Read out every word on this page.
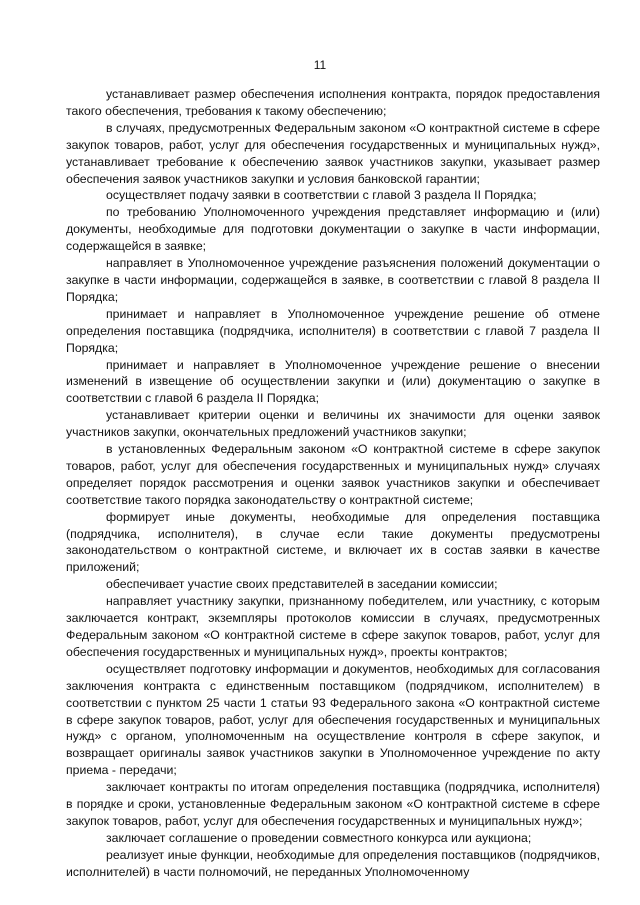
11

устанавливает размер обеспечения исполнения контракта, порядок предоставления такого обеспечения, требования к такому обеспечению;

в случаях, предусмотренных Федеральным законом «О контрактной системе в сфере закупок товаров, работ, услуг для обеспечения государственных и муниципальных нужд», устанавливает требование к обеспечению заявок участников закупки, указывает размер обеспечения заявок участников закупки и условия банковской гарантии;

осуществляет подачу заявки в соответствии с главой 3 раздела II Порядка;

по требованию Уполномоченного учреждения представляет информацию и (или) документы, необходимые для подготовки документации о закупке в части информации, содержащейся в заявке;

направляет в Уполномоченное учреждение разъяснения положений документации о закупке в части информации, содержащейся в заявке, в соответствии с главой 8 раздела II Порядка;

принимает и направляет в Уполномоченное учреждение решение об отмене определения поставщика (подрядчика, исполнителя) в соответствии с главой 7 раздела II Порядка;

принимает и направляет в Уполномоченное учреждение решение о внесении изменений в извещение об осуществлении закупки и (или) документацию о закупке в соответствии с главой 6 раздела II Порядка;

устанавливает критерии оценки и величины их значимости для оценки заявок участников закупки, окончательных предложений участников закупки;

в установленных Федеральным законом «О контрактной системе в сфере закупок товаров, работ, услуг для обеспечения государственных и муниципальных нужд» случаях определяет порядок рассмотрения и оценки заявок участников закупки и обеспечивает соответствие такого порядка законодательству о контрактной системе;

формирует иные документы, необходимые для определения поставщика (подрядчика, исполнителя), в случае если такие документы предусмотрены законодательством о контрактной системе, и включает их в состав заявки в качестве приложений;

обеспечивает участие своих представителей в заседании комиссии;

направляет участнику закупки, признанному победителем, или участнику, с которым заключается контракт, экземпляры протоколов комиссии в случаях, предусмотренных Федеральным законом «О контрактной системе в сфере закупок товаров, работ, услуг для обеспечения государственных и муниципальных нужд», проекты контрактов;

осуществляет подготовку информации и документов, необходимых для согласования заключения контракта с единственным поставщиком (подрядчиком, исполнителем) в соответствии с пунктом 25 части 1 статьи 93 Федерального закона «О контрактной системе в сфере закупок товаров, работ, услуг для обеспечения государственных и муниципальных нужд» с органом, уполномоченным на осуществление контроля в сфере закупок, и возвращает оригиналы заявок участников закупки в Уполномоченное учреждение по акту приема - передачи;

заключает контракты по итогам определения поставщика (подрядчика, исполнителя) в порядке и сроки, установленные Федеральным законом «О контрактной системе в сфере закупок товаров, работ, услуг для обеспечения государственных и муниципальных нужд»;

заключает соглашение о проведении совместного конкурса или аукциона;

реализует иные функции, необходимые для определения поставщиков (подрядчиков, исполнителей) в части полномочий, не переданных Уполномоченному
